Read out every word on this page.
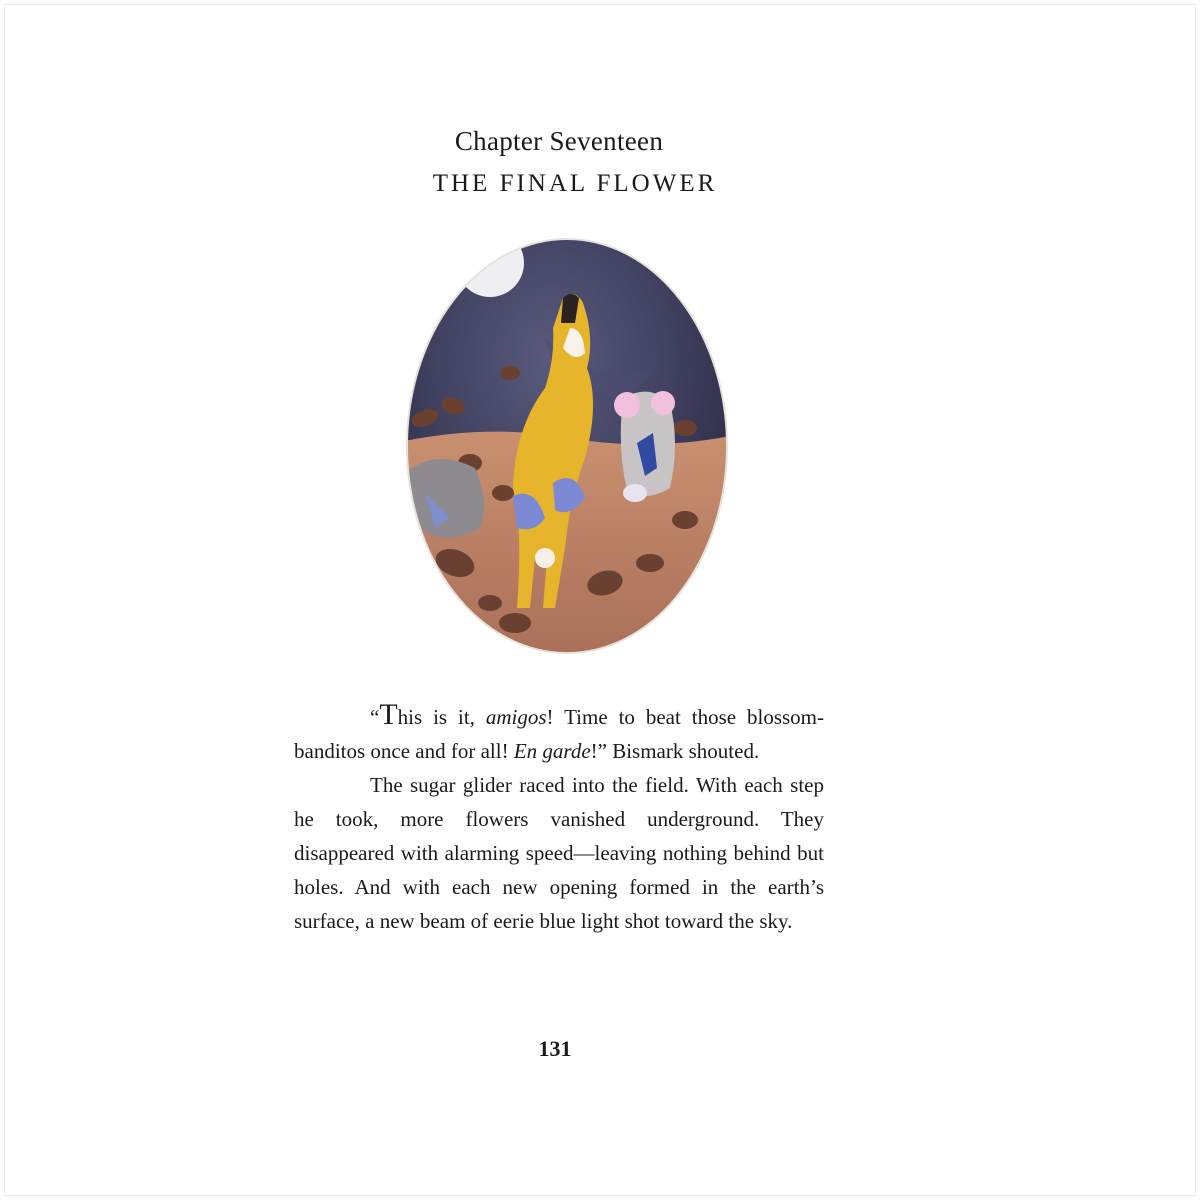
Chapter Seventeen
THE FINAL FLOWER

“This is it, amigos! Time to beat those blossom-banditos once and for all! En garde!” Bismark shouted.

The sugar glider raced into the field. With each step he took, more flowers vanished underground. They disappeared with alarming speed—leaving nothing behind but holes. And with each new opening formed in the earth’s surface, a new beam of eerie blue light shot toward the sky.

131
